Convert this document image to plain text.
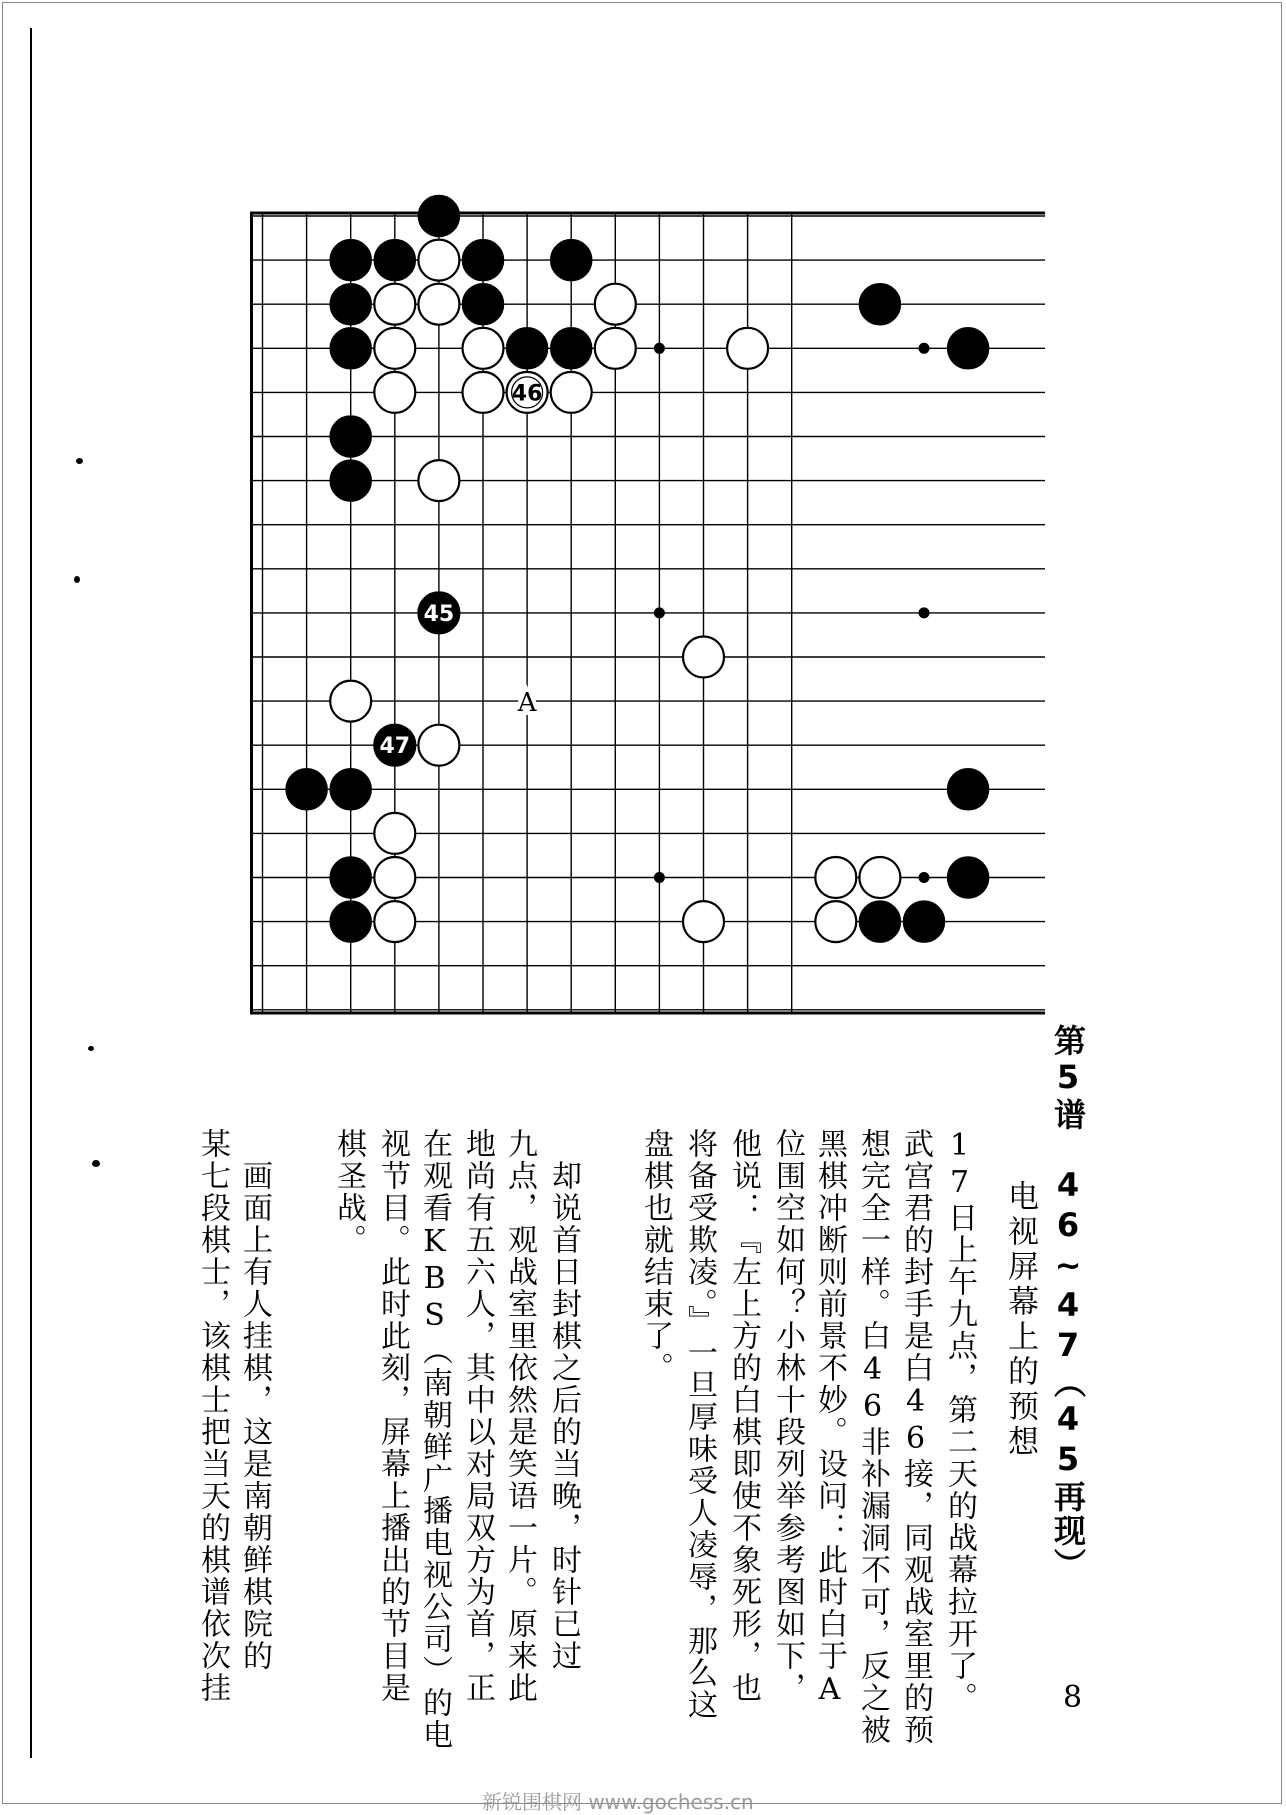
46
45
47
A
第5谱　46~47（45再现）
电视屏幕上的预想
17日上午九点，第二天的战幕拉开了。
武宫君的封手是白46接，同观战室里的预
想完全一样。白46非补漏洞不可，反之被
黑棋冲断则前景不妙。设问：此时白于A
位围空如何？小林十段列举参考图如下，
他说：『左上方的白棋即使不象死形，也
将备受欺凌。』一旦厚味受人凌辱，那么这
盘棋也就结束了。
　却说首日封棋之后的当晚，时针已过
九点，观战室里依然是笑语一片。原来此
地尚有五六人，其中以对局双方为首，正
在观看KBS（南朝鲜广播电视公司）的电
视节目。此时此刻，屏幕上播出的节目是
棋圣战。
　画面上有人挂棋，这是南朝鲜棋院的
某七段棋士，该棋士把当天的棋谱依次挂	8
新锐围棋网 www.gochess.cn
